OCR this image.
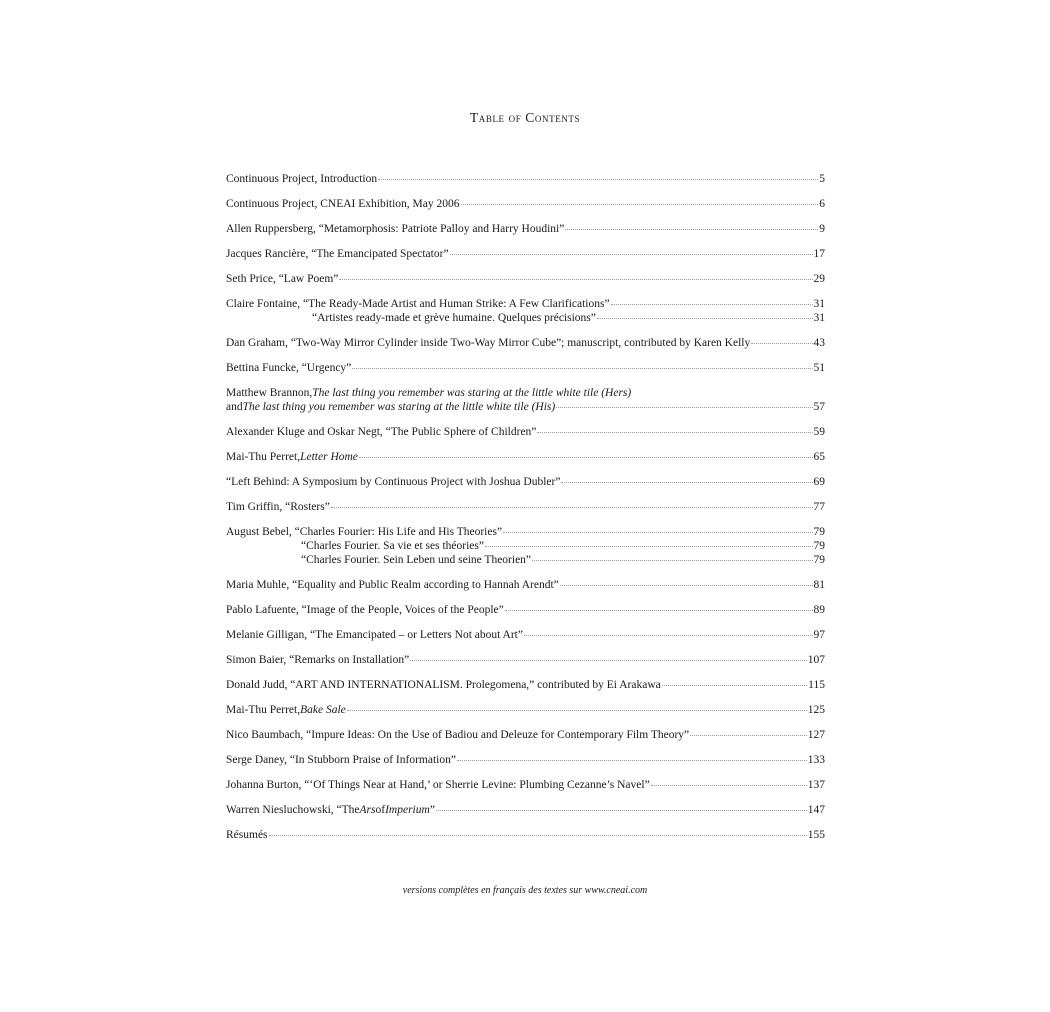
Table of Contents
Continuous Project, Introduction	5
Continuous Project, CNEAI Exhibition, May 2006	6
Allen Ruppersberg, “Metamorphosis: Patriote Palloy and Harry Houdini”	9
Jacques Rancière, “The Emancipated Spectator”	17
Seth Price, “Law Poem”	29
Claire Fontaine, “The Ready-Made Artist and Human Strike: A Few Clarifications”	31
“Artistes ready-made et grève humaine. Quelques précisions”	31
Dan Graham, “Two-Way Mirror Cylinder inside Two-Way Mirror Cube”; manuscript, contributed by Karen Kelly	43
Bettina Funcke, “Urgency”	51
Matthew Brannon, The last thing you remember was staring at the little white tile (Hers)
and The last thing you remember was staring at the little white tile (His)	57
Alexander Kluge and Oskar Negt, “The Public Sphere of Children”	59
Mai-Thu Perret, Letter Home	65
“Left Behind: A Symposium by Continuous Project with Joshua Dubler”	69
Tim Griffin, “Rosters”	77
August Bebel, “Charles Fourier: His Life and His Theories”	79
“Charles Fourier. Sa vie et ses théories”	79
“Charles Fourier. Sein Leben und seine Theorien”	79
Maria Muhle, “Equality and Public Realm according to Hannah Arendt”	81
Pablo Lafuente, “Image of the People, Voices of the People”	89
Melanie Gilligan, “The Emancipated – or Letters Not about Art”	97
Simon Baier, “Remarks on Installation”	107
Donald Judd, “ART AND INTERNATIONALISM. Prolegomena,” contributed by Ei Arakawa	115
Mai-Thu Perret, Bake Sale	125
Nico Baumbach, “Impure Ideas: On the Use of Badiou and Deleuze for Contemporary Film Theory”	127
Serge Daney, “In Stubborn Praise of Information”	133
Johanna Burton, “‘Of Things Near at Hand,’ or Sherrie Levine: Plumbing Cezanne’s Navel”	137
Warren Niesluchowski, “The Ars of Imperium ”	147
Résumés	155
versions complètes en français des textes sur www.cneai.com
